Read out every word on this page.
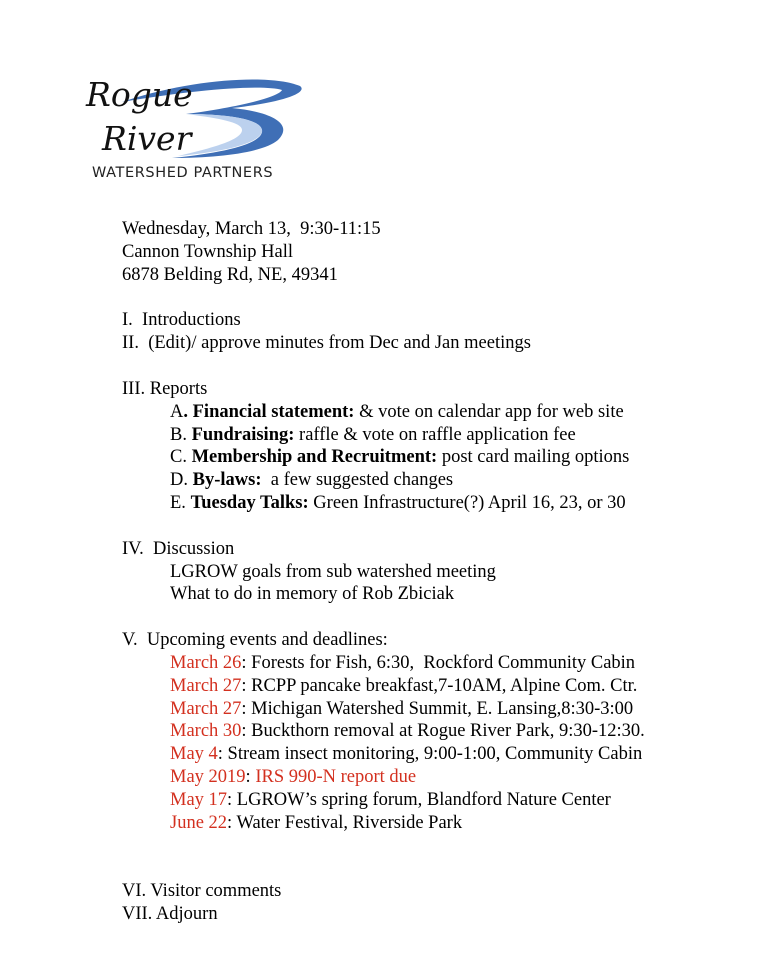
Rogue
River
WATERSHED PARTNERS
Wednesday, March 13,  9:30-11:15
Cannon Township Hall
6878 Belding Rd, NE, 49341
I.  Introductions
II.  (Edit)/ approve minutes from Dec and Jan meetings
III. Reports
A. Financial statement: & vote on calendar app for web site
B. Fundraising: raffle & vote on raffle application fee
C. Membership and Recruitment: post card mailing options
D. By-laws:  a few suggested changes
E. Tuesday Talks: Green Infrastructure(?) April 16, 23, or 30
IV.  Discussion
LGROW goals from sub watershed meeting
What to do in memory of Rob Zbiciak
V.  Upcoming events and deadlines:
March 26: Forests for Fish, 6:30,  Rockford Community Cabin
March 27: RCPP pancake breakfast,7-10AM, Alpine Com. Ctr.
March 27: Michigan Watershed Summit, E. Lansing,8:30-3:00
March 30: Buckthorn removal at Rogue River Park, 9:30-12:30.
May 4: Stream insect monitoring, 9:00-1:00, Community Cabin
May 2019: IRS 990-N report due
May 17: LGROW’s spring forum, Blandford Nature Center
June 22: Water Festival, Riverside Park
VI. Visitor comments
VII. Adjourn
